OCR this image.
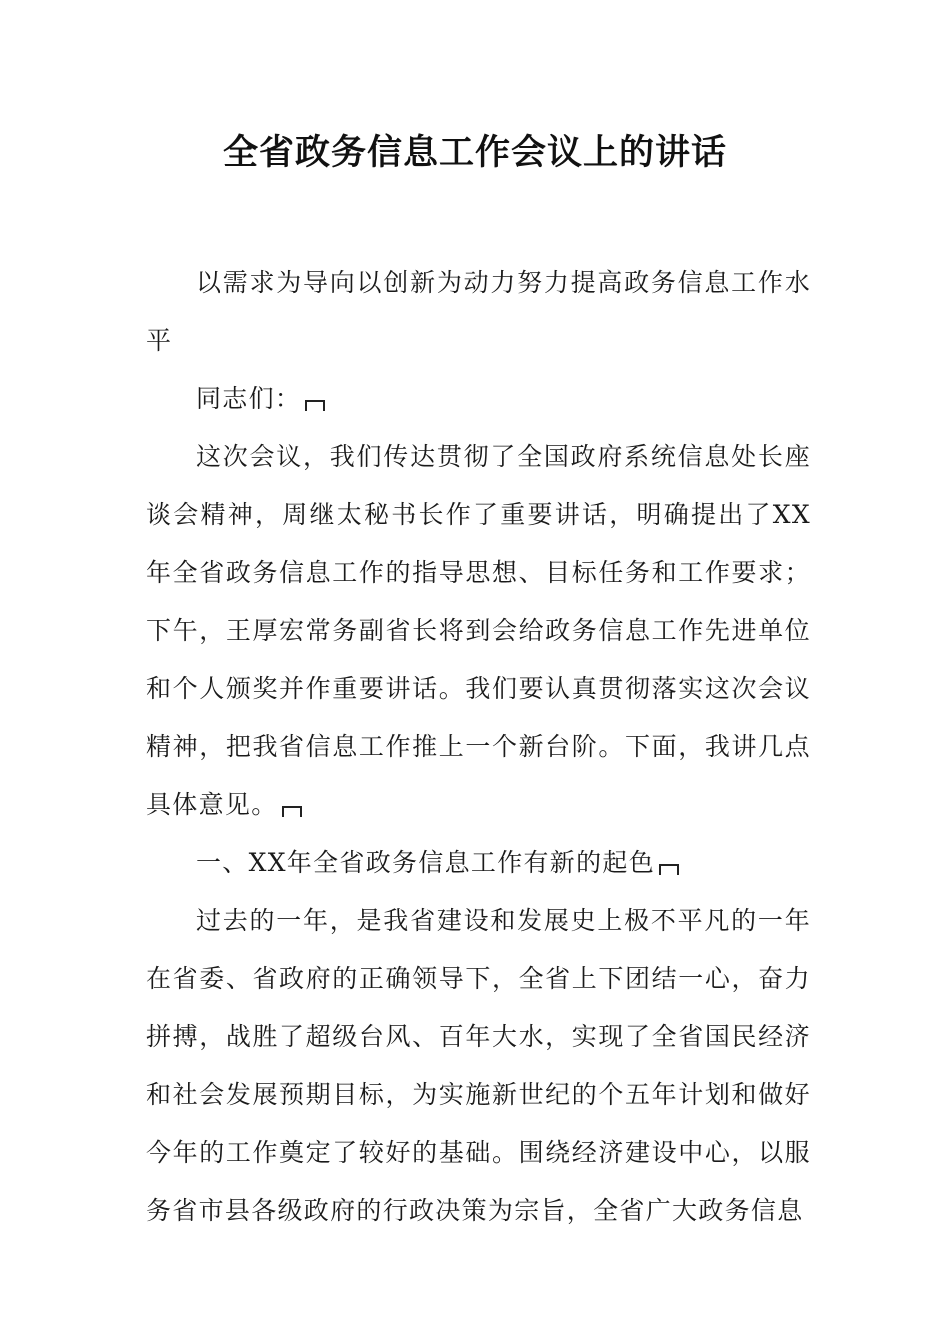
全省政务信息工作会议上的讲话

以需求为导向以创新为动力努力提高政务信息工作水平

同志们：

这次会议，我们传达贯彻了全国政府系统信息处长座谈会精神，周继太秘书长作了重要讲话，明确提出了XX年全省政务信息工作的指导思想、目标任务和工作要求；下午，王厚宏常务副省长将到会给政务信息工作先进单位和个人颁奖并作重要讲话。我们要认真贯彻落实这次会议精神，把我省信息工作推上一个新台阶。下面，我讲几点具体意见。

一、XX年全省政务信息工作有新的起色

过去的一年，是我省建设和发展史上极不平凡的一年在省委、省政府的正确领导下，全省上下团结一心，奋力拼搏，战胜了超级台风、百年大水，实现了全省国民经济和社会发展预期目标，为实施新世纪的个五年计划和做好今年的工作奠定了较好的基础。围绕经济建设中心，以服务省市县各级政府的行政决策为宗旨，全省广大政务信息
